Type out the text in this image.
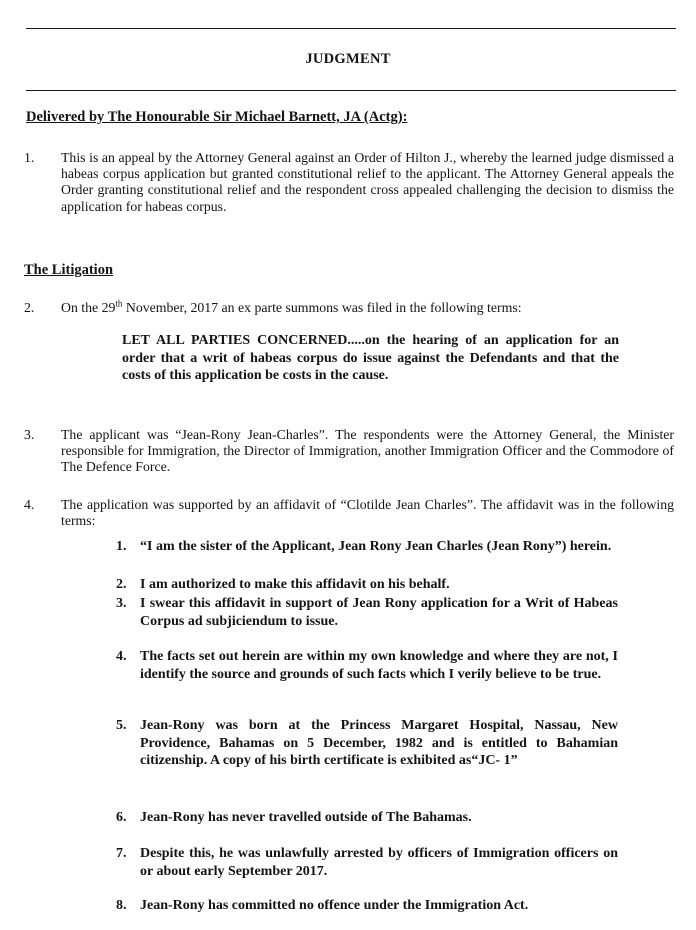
JUDGMENT
Delivered by The Honourable Sir Michael Barnett, JA (Actg):
1. This is an appeal by the Attorney General against an Order of Hilton J., whereby the learned judge dismissed a habeas corpus application but granted constitutional relief to the applicant. The Attorney General appeals the Order granting constitutional relief and the respondent cross appealed challenging the decision to dismiss the application for habeas corpus.
The Litigation
2. On the 29th November, 2017 an ex parte summons was filed in the following terms:
LET ALL PARTIES CONCERNED.....on the hearing of an application for an order that a writ of habeas corpus do issue against the Defendants and that the costs of this application be costs in the cause.
3. The applicant was “Jean-Rony Jean-Charles”. The respondents were the Attorney General, the Minister responsible for Immigration, the Director of Immigration, another Immigration Officer and the Commodore of The Defence Force.
4. The application was supported by an affidavit of “Clotilde Jean Charles”. The affidavit was in the following terms:
1. “I am the sister of the Applicant, Jean Rony Jean Charles (Jean Rony”) herein.
2. I am authorized to make this affidavit on his behalf.
3. I swear this affidavit in support of Jean Rony application for a Writ of Habeas Corpus ad subjiciendum to issue.
4. The facts set out herein are within my own knowledge and where they are not, I identify the source and grounds of such facts which I verily believe to be true.
5. Jean-Rony was born at the Princess Margaret Hospital, Nassau, New Providence, Bahamas on 5 December, 1982 and is entitled to Bahamian citizenship. A copy of his birth certificate is exhibited as“JC- 1”
6. Jean-Rony has never travelled outside of The Bahamas.
7. Despite this, he was unlawfully arrested by officers of Immigration officers on or about early September 2017.
8. Jean-Rony has committed no offence under the Immigration Act.
